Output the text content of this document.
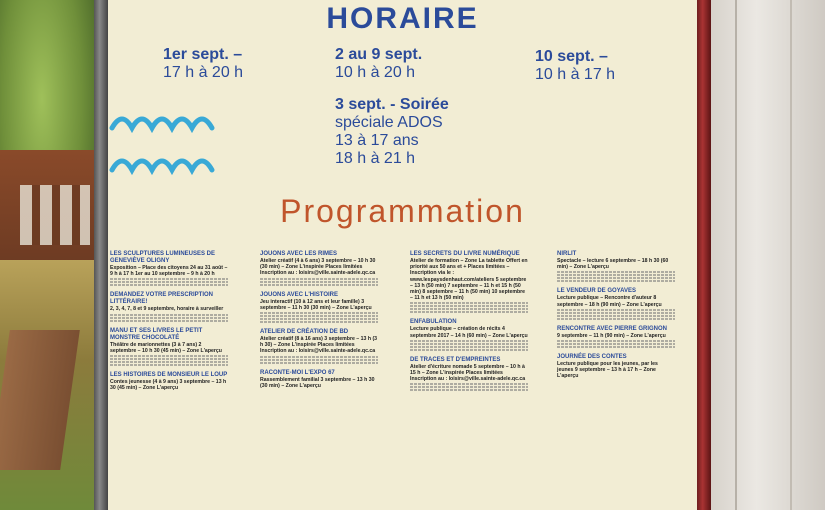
HORAIRE
1er sept. –
17 h à 20 h
2 au 9 sept.
10 h à 20 h
10 sept. –
10 h à 17 h
3 sept. - Soirée
spéciale ADOS
13 à 17 ans
18 h à 21 h
Programmation
LES SCULPTURES LUMINEUSES DE GENEVIÈVE OLIGNY
Exposition – Place des citoyens 24 au 31 août – 9 h à 17 h 1er au 10 septembre – 9 h à 20 h
DEMANDEZ VOTRE PRESCRIPTION LITTÉRAIRE!
2, 3, 4, 7, 8 et 9 septembre, horaire à surveiller
MANU ET SES LIVRES LE PETIT MONSTRE CHOCOLATÉ
Théâtre de marionnettes (3 à 7 ans) 2 septembre – 10 h 30 (45 min) – Zone L'aperçu
LES HISTOIRES DE MONSIEUR LE LOUP
Contes jeunesse (4 à 9 ans) 3 septembre – 13 h 30 (45 min) – Zone L'aperçu
JOUONS AVEC LES RIMES
Atelier créatif (4 à 6 ans) 3 septembre – 10 h 30 (30 min) – Zone L'inspirée Places limitées Inscription au : loisirs@ville.sainte-adele.qc.ca
JOUONS AVEC L'HISTOIRE
Jeu interactif (10 à 12 ans et leur famille) 3 septembre – 11 h 30 (30 min) – Zone L'aperçu
ATELIER DE CRÉATION DE BD
Atelier créatif (8 à 16 ans) 3 septembre – 13 h (3 h 30) – Zone L'inspirée Places limitées Inscription au : loisirs@ville.sainte-adele.qc.ca
RACONTE-MOI L'EXPO 67
Rassemblement familial 3 septembre – 13 h 30 (30 min) – Zone L'aperçu
LES SECRETS DU LIVRE NUMÉRIQUE
Atelier de formation – Zone La tablette Offert en priorité aux 50 ans et + Places limitées – Inscription via le : www.lespaysdenhaut.com/ateliers 5 septembre – 13 h (50 min) 7 septembre – 11 h et 15 h (50 min) 8 septembre – 11 h (50 min) 10 septembre – 11 h et 13 h (50 min)
ENFABULATION
Lecture publique – création de récits 4 septembre 2017 – 14 h (60 min) – Zone L'aperçu
DE TRACES ET D'EMPREINTES
Atelier d'écriture nomade 5 septembre – 10 h à 15 h – Zone L'inspirée Places limitées Inscription au : loisirs@ville.sainte-adele.qc.ca
NIRLIT
Spectacle – lecture 6 septembre – 18 h 30 (60 min) – Zone L'aperçu
LE VENDEUR DE GOYAVES
Lecture publique – Rencontre d'auteur 8 septembre – 18 h (90 min) – Zone L'aperçu
RENCONTRE AVEC PIERRE GRIGNON
9 septembre – 11 h (90 min) – Zone L'aperçu
JOURNÉE DES CONTES
Lecture publique pour les jeunes, par les jeunes 9 septembre – 13 h à 17 h – Zone L'aperçu
